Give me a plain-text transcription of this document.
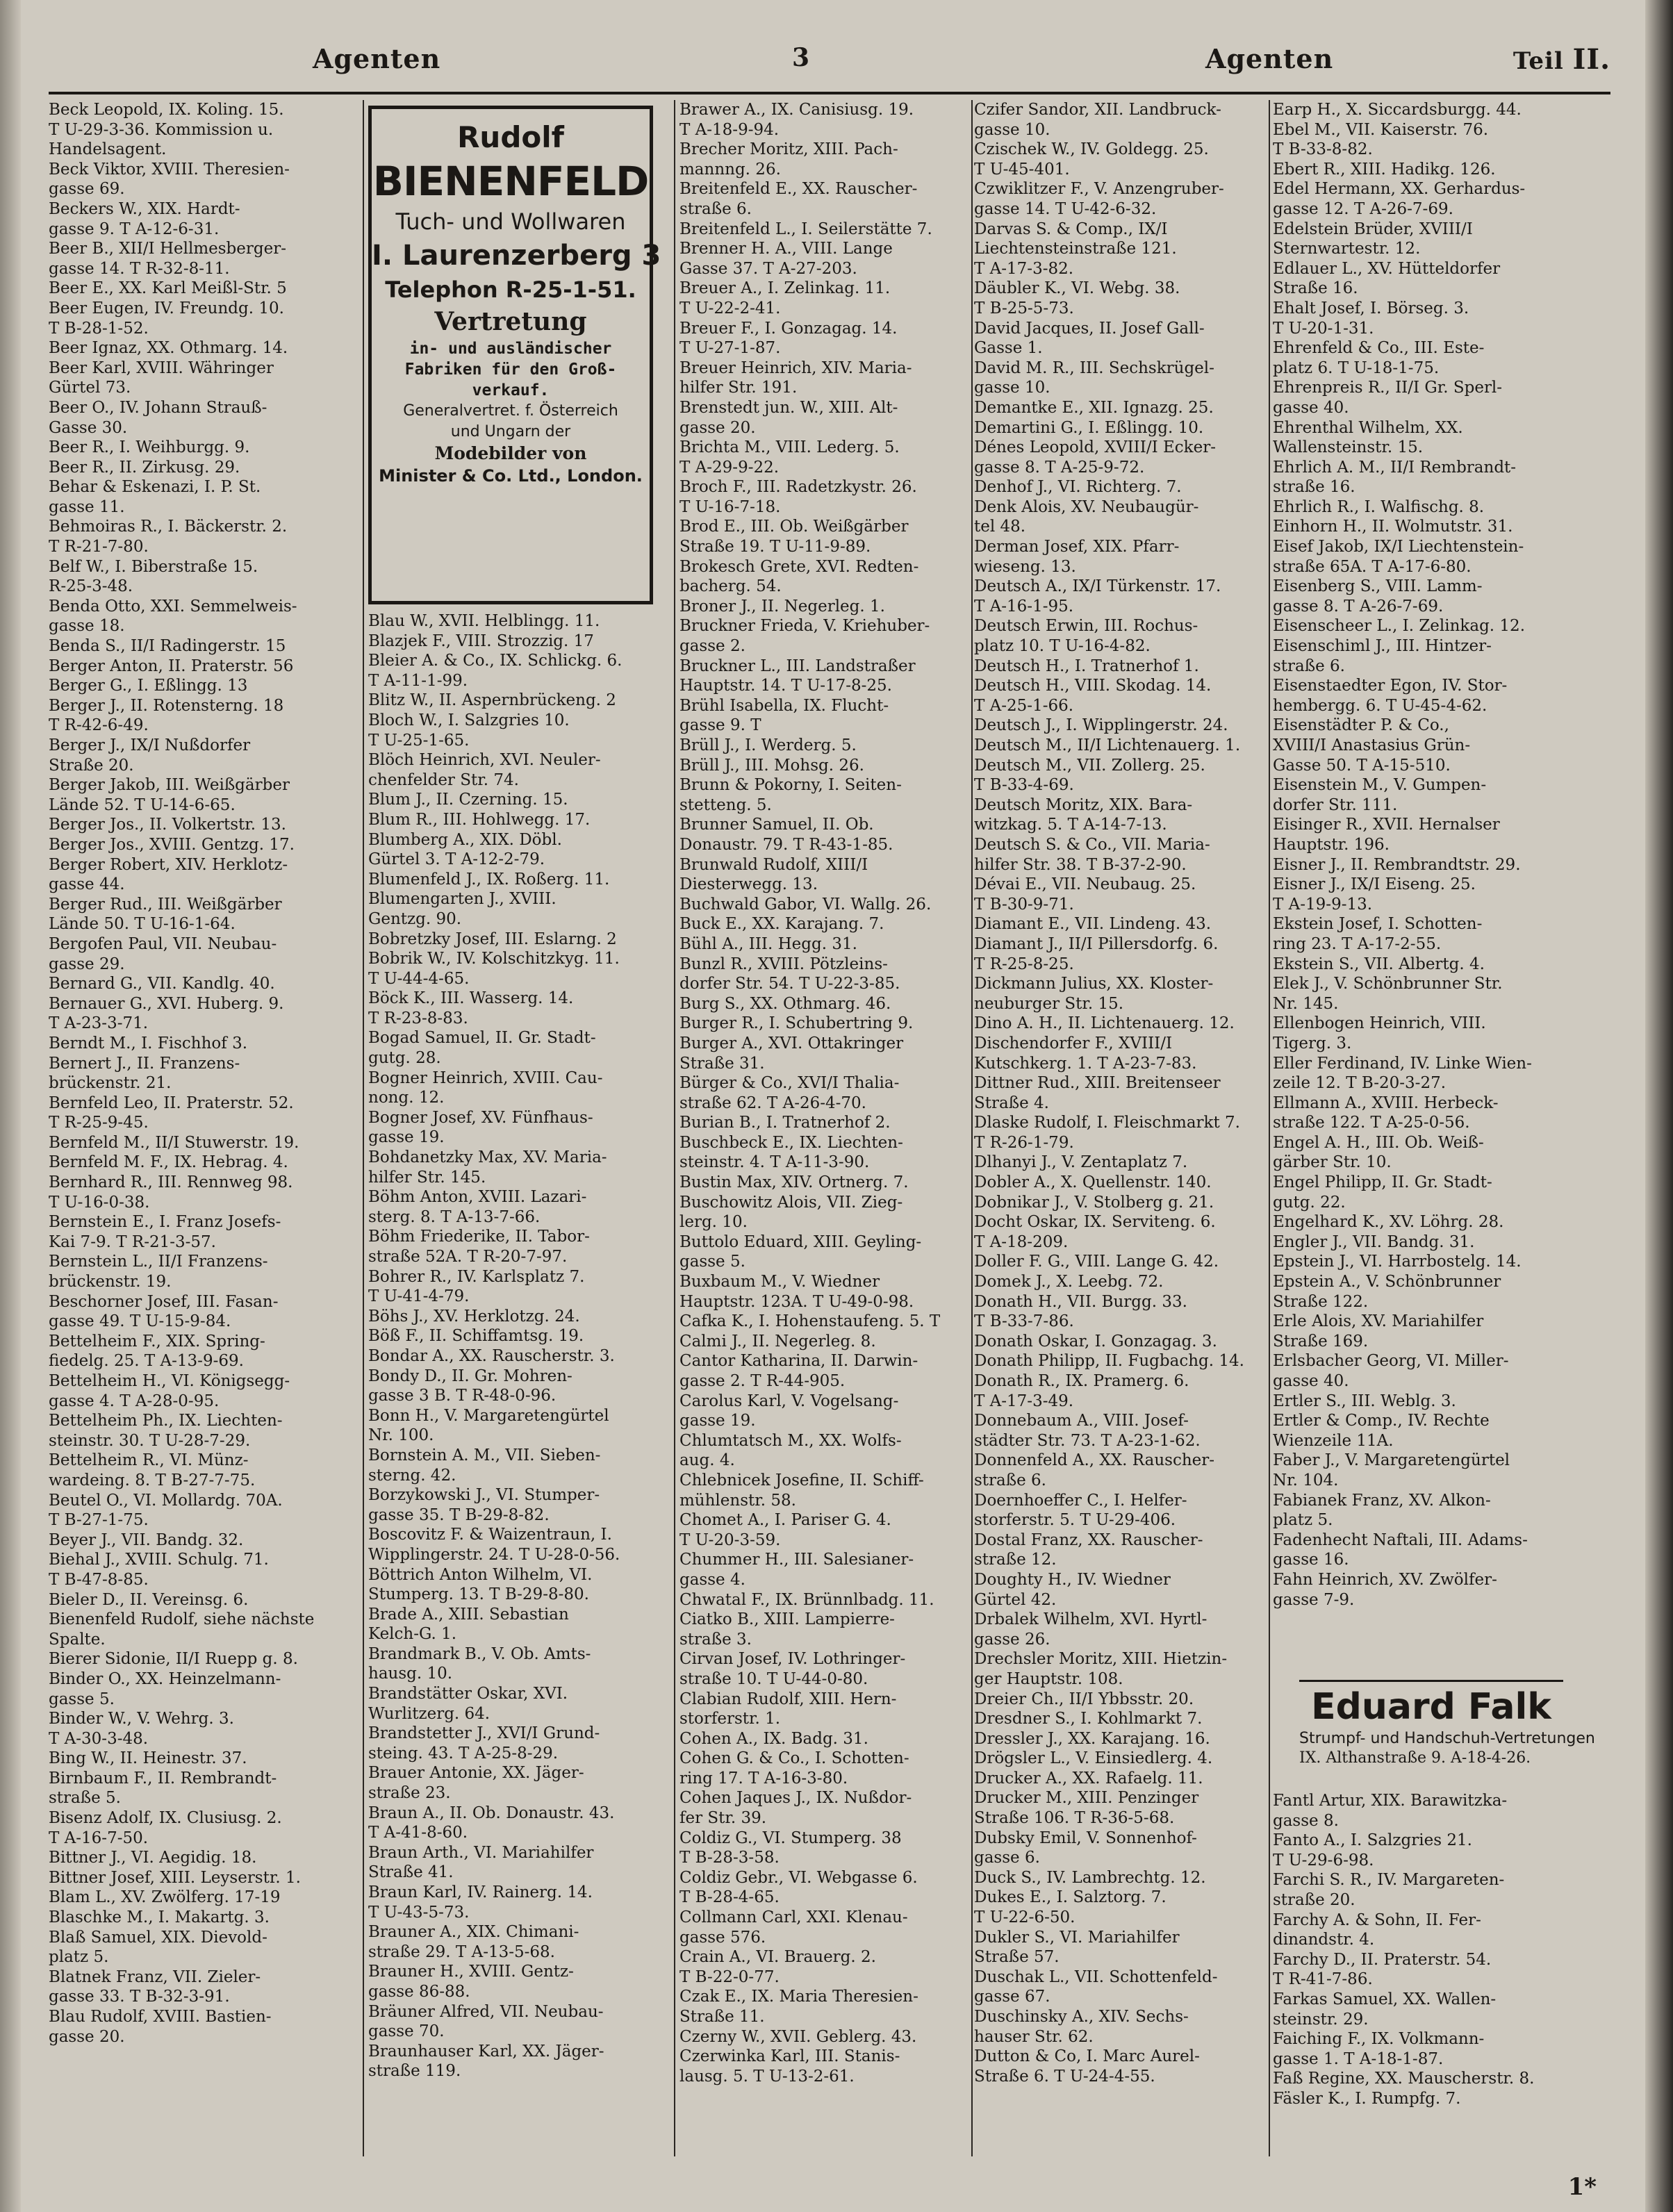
Agenten	3	Agenten	Teil II.
Beck Leopold, IX. Koling. 15.
T U-29-3-36. Kommission u.
Handelsagent.
Beck Viktor, XVIII. Theresien-
gasse 69.
Beckers W., XIX. Hardt-
gasse 9. T A-12-6-31.
Beer B., XII/I Hellmesberger-
gasse 14. T R-32-8-11.
Beer E., XX. Karl Meißl-Str. 5
Beer Eugen, IV. Freundg. 10.
T B-28-1-52.
Beer Ignaz, XX. Othmarg. 14.
Beer Karl, XVIII. Währinger
Gürtel 73.
Beer O., IV. Johann Strauß-
Gasse 30.
Beer R., I. Weihburgg. 9.
Beer R., II. Zirkusg. 29.
Behar & Eskenazi, I. P. St.
gasse 11.
Behmoiras R., I. Bäckerstr. 2.
T R-21-7-80.
Belf W., I. Biberstraße 15.
R-25-3-48.
Benda Otto, XXI. Semmelweis-
gasse 18.
Benda S., II/I Radingerstr. 15
Berger Anton, II. Praterstr. 56
Berger G., I. Eßlingg. 13
Berger J., II. Rotensterng. 18
T R-42-6-49.
Berger J., IX/I Nußdorfer
Straße 20.
Berger Jakob, III. Weißgärber
Lände 52. T U-14-6-65.
Berger Jos., II. Volkertstr. 13.
Berger Jos., XVIII. Gentzg. 17.
Berger Robert, XIV. Herklotz-
gasse 44.
Berger Rud., III. Weißgärber
Lände 50. T U-16-1-64.
Bergofen Paul, VII. Neubau-
gasse 29.
Bernard G., VII. Kandlg. 40.
Bernauer G., XVI. Huberg. 9.
T A-23-3-71.
Berndt M., I. Fischhof 3.
Bernert J., II. Franzens-
brückenstr. 21.
Bernfeld Leo, II. Praterstr. 52.
T R-25-9-45.
Bernfeld M., II/I Stuwerstr. 19.
Bernfeld M. F., IX. Hebrag. 4.
Bernhard R., III. Rennweg 98.
T U-16-0-38.
Bernstein E., I. Franz Josefs-
Kai 7-9. T R-21-3-57.
Bernstein L., II/I Franzens-
brückenstr. 19.
Beschorner Josef, III. Fasan-
gasse 49. T U-15-9-84.
Bettelheim F., XIX. Spring-
fiedelg. 25. T A-13-9-69.
Bettelheim H., VI. Königsegg-
gasse 4. T A-28-0-95.
Bettelheim Ph., IX. Liechten-
steinstr. 30. T U-28-7-29.
Bettelheim R., VI. Münz-
wardeing. 8. T B-27-7-75.
Beutel O., VI. Mollardg. 70A.
T B-27-1-75.
Beyer J., VII. Bandg. 32.
Biehal J., XVIII. Schulg. 71.
T B-47-8-85.
Bieler D., II. Vereinsg. 6.
Bienenfeld Rudolf, siehe nächste
Spalte.
Bierer Sidonie, II/I Ruepp g. 8.
Binder O., XX. Heinzelmann-
gasse 5.
Binder W., V. Wehrg. 3.
T A-30-3-48.
Bing W., II. Heinestr. 37.
Birnbaum F., II. Rembrandt-
straße 5.
Bisenz Adolf, IX. Clusiusg. 2.
T A-16-7-50.
Bittner J., VI. Aegidig. 18.
Bittner Josef, XIII. Leyserstr. 1.
Blam L., XV. Zwölferg. 17-19
Blaschke M., I. Makartg. 3.
Blaß Samuel, XIX. Dievold-
platz 5.
Blatnek Franz, VII. Zieler-
gasse 33. T B-32-3-91.
Blau Rudolf, XVIII. Bastien-
gasse 20.
Rudolf
BIENENFELD
Tuch- und Wollwaren
I. Laurenzerberg 3
Telephon R-25-1-51.
Vertretung
in- und ausländischer
Fabriken für den Groß-
verkauf.
Generalvertret. f. Österreich
und Ungarn der
Modebilder von
Minister & Co. Ltd., London.
Blau W., XVII. Helblingg. 11.
Blazjek F., VIII. Strozzig. 17
Bleier A. & Co., IX. Schlickg. 6.
T A-11-1-99.
Blitz W., II. Aspernbrückeng. 2
Bloch W., I. Salzgries 10.
T U-25-1-65.
Blöch Heinrich, XVI. Neuler-
chenfelder Str. 74.
Blum J., II. Czerning. 15.
Blum R., III. Hohlwegg. 17.
Blumberg A., XIX. Döbl.
Gürtel 3. T A-12-2-79.
Blumenfeld J., IX. Roßerg. 11.
Blumengarten J., XVIII.
Gentzg. 90.
Bobretzky Josef, III. Eslarng. 2
Bobrik W., IV. Kolschitzkyg. 11.
T U-44-4-65.
Böck K., III. Wasserg. 14.
T R-23-8-83.
Bogad Samuel, II. Gr. Stadt-
gutg. 28.
Bogner Heinrich, XVIII. Cau-
nong. 12.
Bogner Josef, XV. Fünfhaus-
gasse 19.
Bohdanetzky Max, XV. Maria-
hilfer Str. 145.
Böhm Anton, XVIII. Lazari-
sterg. 8. T A-13-7-66.
Böhm Friederike, II. Tabor-
straße 52A. T R-20-7-97.
Bohrer R., IV. Karlsplatz 7.
T U-41-4-79.
Böhs J., XV. Herklotzg. 24.
Böß F., II. Schiffamtsg. 19.
Bondar A., XX. Rauscherstr. 3.
Bondy D., II. Gr. Mohren-
gasse 3 B. T R-48-0-96.
Bonn H., V. Margaretengürtel
Nr. 100.
Bornstein A. M., VII. Sieben-
sterng. 42.
Borzykowski J., VI. Stumper-
gasse 35. T B-29-8-82.
Boscovitz F. & Waizentraun, I.
Wipplingerstr. 24. T U-28-0-56.
Böttrich Anton Wilhelm, VI.
Stumperg. 13. T B-29-8-80.
Brade A., XIII. Sebastian
Kelch-G. 1.
Brandmark B., V. Ob. Amts-
hausg. 10.
Brandstätter Oskar, XVI.
Wurlitzerg. 64.
Brandstetter J., XVI/I Grund-
steing. 43. T A-25-8-29.
Brauer Antonie, XX. Jäger-
straße 23.
Braun A., II. Ob. Donaustr. 43.
T A-41-8-60.
Braun Arth., VI. Mariahilfer
Straße 41.
Braun Karl, IV. Rainerg. 14.
T U-43-5-73.
Brauner A., XIX. Chimani-
straße 29. T A-13-5-68.
Brauner H., XVIII. Gentz-
gasse 86-88.
Bräuner Alfred, VII. Neubau-
gasse 70.
Braunhauser Karl, XX. Jäger-
straße 119.
Brawer A., IX. Canisiusg. 19.
T A-18-9-94.
Brecher Moritz, XIII. Pach-
mannng. 26.
Breitenfeld E., XX. Rauscher-
straße 6.
Breitenfeld L., I. Seilerstätte 7.
Brenner H. A., VIII. Lange
Gasse 37. T A-27-203.
Breuer A., I. Zelinkag. 11.
T U-22-2-41.
Breuer F., I. Gonzagag. 14.
T U-27-1-87.
Breuer Heinrich, XIV. Maria-
hilfer Str. 191.
Brenstedt jun. W., XIII. Alt-
gasse 20.
Brichta M., VIII. Lederg. 5.
T A-29-9-22.
Broch F., III. Radetzkystr. 26.
T U-16-7-18.
Brod E., III. Ob. Weißgärber
Straße 19. T U-11-9-89.
Brokesch Grete, XVI. Redten-
bacherg. 54.
Broner J., II. Negerleg. 1.
Bruckner Frieda, V. Kriehuber-
gasse 2.
Bruckner L., III. Landstraßer
Hauptstr. 14. T U-17-8-25.
Brühl Isabella, IX. Flucht-
gasse 9. T
Brüll J., I. Werderg. 5.
Brüll J., III. Mohsg. 26.
Brunn & Pokorny, I. Seiten-
stetteng. 5.
Brunner Samuel, II. Ob.
Donaustr. 79. T R-43-1-85.
Brunwald Rudolf, XIII/I
Diesterwegg. 13.
Buchwald Gabor, VI. Wallg. 26.
Buck E., XX. Karajang. 7.
Bühl A., III. Hegg. 31.
Bunzl R., XVIII. Pötzleins-
dorfer Str. 54. T U-22-3-85.
Burg S., XX. Othmarg. 46.
Burger R., I. Schubertring 9.
Burger A., XVI. Ottakringer
Straße 31.
Bürger & Co., XVI/I Thalia-
straße 62. T A-26-4-70.
Burian B., I. Tratnerhof 2.
Buschbeck E., IX. Liechten-
steinstr. 4. T A-11-3-90.
Bustin Max, XIV. Ortnerg. 7.
Buschowitz Alois, VII. Zieg-
lerg. 10.
Buttolo Eduard, XIII. Geyling-
gasse 5.
Buxbaum M., V. Wiedner
Hauptstr. 123A. T U-49-0-98.
Cafka K., I. Hohenstaufeng. 5. T
Calmi J., II. Negerleg. 8.
Cantor Katharina, II. Darwin-
gasse 2. T R-44-905.
Carolus Karl, V. Vogelsang-
gasse 19.
Chlumtatsch M., XX. Wolfs-
aug. 4.
Chlebnicek Josefine, II. Schiff-
mühlenstr. 58.
Chomet A., I. Pariser G. 4.
T U-20-3-59.
Chummer H., III. Salesianer-
gasse 4.
Chwatal F., IX. Brünnlbadg. 11.
Ciatko B., XIII. Lampierre-
straße 3.
Cirvan Josef, IV. Lothringer-
straße 10. T U-44-0-80.
Clabian Rudolf, XIII. Hern-
storferstr. 1.
Cohen A., IX. Badg. 31.
Cohen G. & Co., I. Schotten-
ring 17. T A-16-3-80.
Cohen Jaques J., IX. Nußdor-
fer Str. 39.
Coldiz G., VI. Stumperg. 38
T B-28-3-58.
Coldiz Gebr., VI. Webgasse 6.
T B-28-4-65.
Collmann Carl, XXI. Klenau-
gasse 576.
Crain A., VI. Brauerg. 2.
T B-22-0-77.
Czak E., IX. Maria Theresien-
Straße 11.
Czerny W., XVII. Geblerg. 43.
Czerwinka Karl, III. Stanis-
lausg. 5. T U-13-2-61.
Czifer Sandor, XII. Landbruck-
gasse 10.
Czischek W., IV. Goldegg. 25.
T U-45-401.
Czwiklitzer F., V. Anzengruber-
gasse 14. T U-42-6-32.
Darvas S. & Comp., IX/I
Liechtensteinstraße 121.
T A-17-3-82.
Däubler K., VI. Webg. 38.
T B-25-5-73.
David Jacques, II. Josef Gall-
Gasse 1.
David M. R., III. Sechskrügel-
gasse 10.
Demantke E., XII. Ignazg. 25.
Demartini G., I. Eßlingg. 10.
Dénes Leopold, XVIII/I Ecker-
gasse 8. T A-25-9-72.
Denhof J., VI. Richterg. 7.
Denk Alois, XV. Neubaugür-
tel 48.
Derman Josef, XIX. Pfarr-
wieseng. 13.
Deutsch A., IX/I Türkenstr. 17.
T A-16-1-95.
Deutsch Erwin, III. Rochus-
platz 10. T U-16-4-82.
Deutsch H., I. Tratnerhof 1.
Deutsch H., VIII. Skodag. 14.
T A-25-1-66.
Deutsch J., I. Wipplingerstr. 24.
Deutsch M., II/I Lichtenauerg. 1.
Deutsch M., VII. Zollerg. 25.
T B-33-4-69.
Deutsch Moritz, XIX. Bara-
witzkag. 5. T A-14-7-13.
Deutsch S. & Co., VII. Maria-
hilfer Str. 38. T B-37-2-90.
Dévai E., VII. Neubaug. 25.
T B-30-9-71.
Diamant E., VII. Lindeng. 43.
Diamant J., II/I Pillersdorfg. 6.
T R-25-8-25.
Dickmann Julius, XX. Kloster-
neuburger Str. 15.
Dino A. H., II. Lichtenauerg. 12.
Dischendorfer F., XVIII/I
Kutschkerg. 1. T A-23-7-83.
Dittner Rud., XIII. Breitenseer
Straße 4.
Dlaske Rudolf, I. Fleischmarkt 7.
T R-26-1-79.
Dlhanyi J., V. Zentaplatz 7.
Dobler A., X. Quellenstr. 140.
Dobnikar J., V. Stolberg g. 21.
Docht Oskar, IX. Serviteng. 6.
T A-18-209.
Doller F. G., VIII. Lange G. 42.
Domek J., X. Leebg. 72.
Donath H., VII. Burgg. 33.
T B-33-7-86.
Donath Oskar, I. Gonzagag. 3.
Donath Philipp, II. Fugbachg. 14.
Donath R., IX. Pramerg. 6.
T A-17-3-49.
Donnebaum A., VIII. Josef-
städter Str. 73. T A-23-1-62.
Donnenfeld A., XX. Rauscher-
straße 6.
Doernhoeffer C., I. Helfer-
storferstr. 5. T U-29-406.
Dostal Franz, XX. Rauscher-
straße 12.
Doughty H., IV. Wiedner
Gürtel 42.
Drbalek Wilhelm, XVI. Hyrtl-
gasse 26.
Drechsler Moritz, XIII. Hietzin-
ger Hauptstr. 108.
Dreier Ch., II/I Ybbsstr. 20.
Dresdner S., I. Kohlmarkt 7.
Dressler J., XX. Karajang. 16.
Drögsler L., V. Einsiedlerg. 4.
Drucker A., XX. Rafaelg. 11.
Drucker M., XIII. Penzinger
Straße 106. T R-36-5-68.
Dubsky Emil, V. Sonnenhof-
gasse 6.
Duck S., IV. Lambrechtg. 12.
Dukes E., I. Salztorg. 7.
T U-22-6-50.
Dukler S., VI. Mariahilfer
Straße 57.
Duschak L., VII. Schottenfeld-
gasse 67.
Duschinsky A., XIV. Sechs-
hauser Str. 62.
Dutton & Co, I. Marc Aurel-
Straße 6. T U-24-4-55.
Earp H., X. Siccardsburgg. 44.
Ebel M., VII. Kaiserstr. 76.
T B-33-8-82.
Ebert R., XIII. Hadikg. 126.
Edel Hermann, XX. Gerhardus-
gasse 12. T A-26-7-69.
Edelstein Brüder, XVIII/I
Sternwartestr. 12.
Edlauer L., XV. Hütteldorfer
Straße 16.
Ehalt Josef, I. Börseg. 3.
T U-20-1-31.
Ehrenfeld & Co., III. Este-
platz 6. T U-18-1-75.
Ehrenpreis R., II/I Gr. Sperl-
gasse 40.
Ehrenthal Wilhelm, XX.
Wallensteinstr. 15.
Ehrlich A. M., II/I Rembrandt-
straße 16.
Ehrlich R., I. Walfischg. 8.
Einhorn H., II. Wolmutstr. 31.
Eisef Jakob, IX/I Liechtenstein-
straße 65A. T A-17-6-80.
Eisenberg S., VIII. Lamm-
gasse 8. T A-26-7-69.
Eisenscheer L., I. Zelinkag. 12.
Eisenschiml J., III. Hintzer-
straße 6.
Eisenstaedter Egon, IV. Stor-
hembergg. 6. T U-45-4-62.
Eisenstädter P. & Co.,
XVIII/I Anastasius Grün-
Gasse 50. T A-15-510.
Eisenstein M., V. Gumpen-
dorfer Str. 111.
Eisinger R., XVII. Hernalser
Hauptstr. 196.
Eisner J., II. Rembrandtstr. 29.
Eisner J., IX/I Eiseng. 25.
T A-19-9-13.
Ekstein Josef, I. Schotten-
ring 23. T A-17-2-55.
Ekstein S., VII. Albertg. 4.
Elek J., V. Schönbrunner Str.
Nr. 145.
Ellenbogen Heinrich, VIII.
Tigerg. 3.
Eller Ferdinand, IV. Linke Wien-
zeile 12. T B-20-3-27.
Ellmann A., XVIII. Herbeck-
straße 122. T A-25-0-56.
Engel A. H., III. Ob. Weiß-
gärber Str. 10.
Engel Philipp, II. Gr. Stadt-
gutg. 22.
Engelhard K., XV. Löhrg. 28.
Engler J., VII. Bandg. 31.
Epstein J., VI. Harrbostelg. 14.
Epstein A., V. Schönbrunner
Straße 122.
Erle Alois, XV. Mariahilfer
Straße 169.
Erlsbacher Georg, VI. Miller-
gasse 40.
Ertler S., III. Weblg. 3.
Ertler & Comp., IV. Rechte
Wienzeile 11A.
Faber J., V. Margaretengürtel
Nr. 104.
Fabianek Franz, XV. Alkon-
platz 5.
Fadenhecht Naftali, III. Adams-
gasse 16.
Fahn Heinrich, XV. Zwölfer-
gasse 7-9.
Eduard Falk
Strumpf- und Handschuh-Vertretungen
IX. Althanstraße 9. A-18-4-26.
Fantl Artur, XIX. Barawitzka-
gasse 8.
Fanto A., I. Salzgries 21.
T U-29-6-98.
Farchi S. R., IV. Margareten-
straße 20.
Farchy A. & Sohn, II. Fer-
dinandstr. 4.
Farchy D., II. Praterstr. 54.
T R-41-7-86.
Farkas Samuel, XX. Wallen-
steinstr. 29.
Faiching F., IX. Volkmann-
gasse 1. T A-18-1-87.
Faß Regine, XX. Mauscherstr. 8.
Fäsler K., I. Rumpfg. 7.
1*
